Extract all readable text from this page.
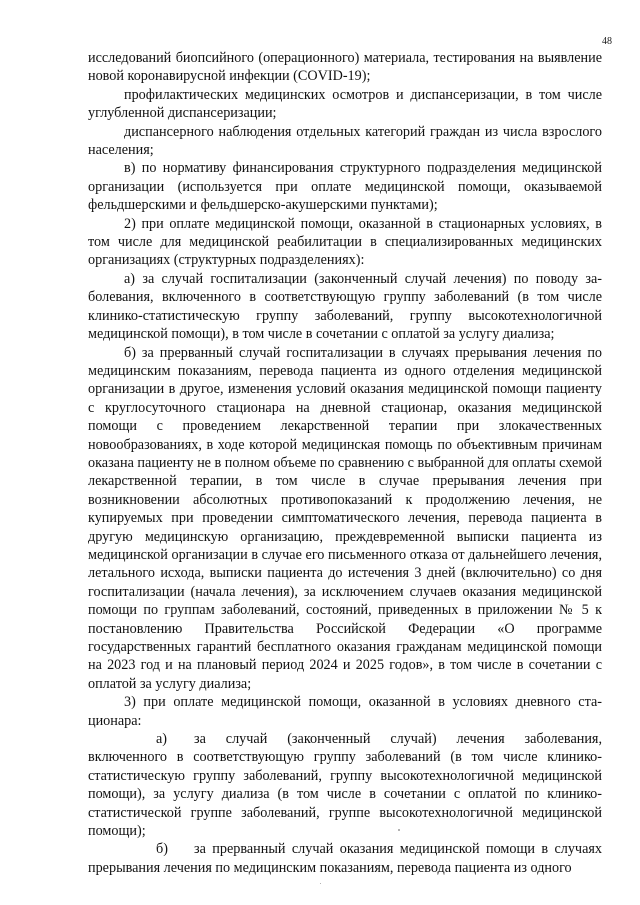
48

исследований биопсийного (операционного) материала, тестирования на выявление новой коронавирусной инфекции (COVID-19);

профилактических медицинских осмотров и диспансеризации, в том числе углубленной диспансеризации;

диспансерного наблюдения отдельных категорий граждан из числа взрослого населения;

в) по нормативу финансирования структурного подразделения медицинской организации (используется при оплате медицинской помощи, оказываемой фельдшерскими и фельдшерско-акушерскими пунктами);

2) при оплате медицинской помощи, оказанной в стационарных условиях, в том числе для медицинской реабилитации в специализированных медицинских организациях (структурных подразделениях):

а) за случай госпитализации (законченный случай лечения) по поводу заболевания, включенного в соответствующую группу заболеваний (в том числе клинико-статистическую группу заболеваний, группу высокотехнологичной медицинской помощи), в том числе в сочетании с оплатой за услугу диализа;

б) за прерванный случай госпитализации в случаях прерывания лечения по медицинским показаниям, перевода пациента из одного отделения медицинской организации в другое, изменения условий оказания медицинской помощи пациенту с круглосуточного стационара на дневной стационар, оказания медицинской помощи с проведением лекарственной терапии при злокачественных новообразованиях, в ходе которой медицинская помощь по объективным причинам оказана пациенту не в полном объеме по сравнению с выбранной для оплаты схемой лекарственной терапии, в том числе в случае прерывания лечения при возникновении абсолютных противопоказаний к продолжению лечения, не купируемых при проведении симптоматического лечения, перевода пациента в другую медицинскую организацию, преждевременной выписки пациента из медицинской организации в случае его письменного отказа от дальнейшего лечения, летального исхода, выписки пациента до истечения 3 дней (включительно) со дня госпитализации (начала лечения), за исключением случаев оказания медицинской помощи по группам заболеваний, состояний, приведенных в приложении № 5 к постановлению Правительства Российской Федерации «О программе государственных гарантий бесплатного оказания гражданам медицинской помощи на 2023 год и на плановый период 2024 и 2025 годов», в том числе в сочетании с оплатой за услугу диализа;

3) при оплате медицинской помощи, оказанной в условиях дневного стационара:

а) за случай (законченный случай) лечения заболевания, включенного в соответствующую группу заболеваний (в том числе клинико-статистическую группу заболеваний, группу высокотехнологичной медицинской помощи), за услугу диализа (в том числе в сочетании с оплатой по клинико-статистической группе заболеваний, группе высокотехнологичной медицинской помощи);

б) за прерванный случай оказания медицинской помощи в случаях прерывания лечения по медицинским показаниям, перевода пациента из одного
